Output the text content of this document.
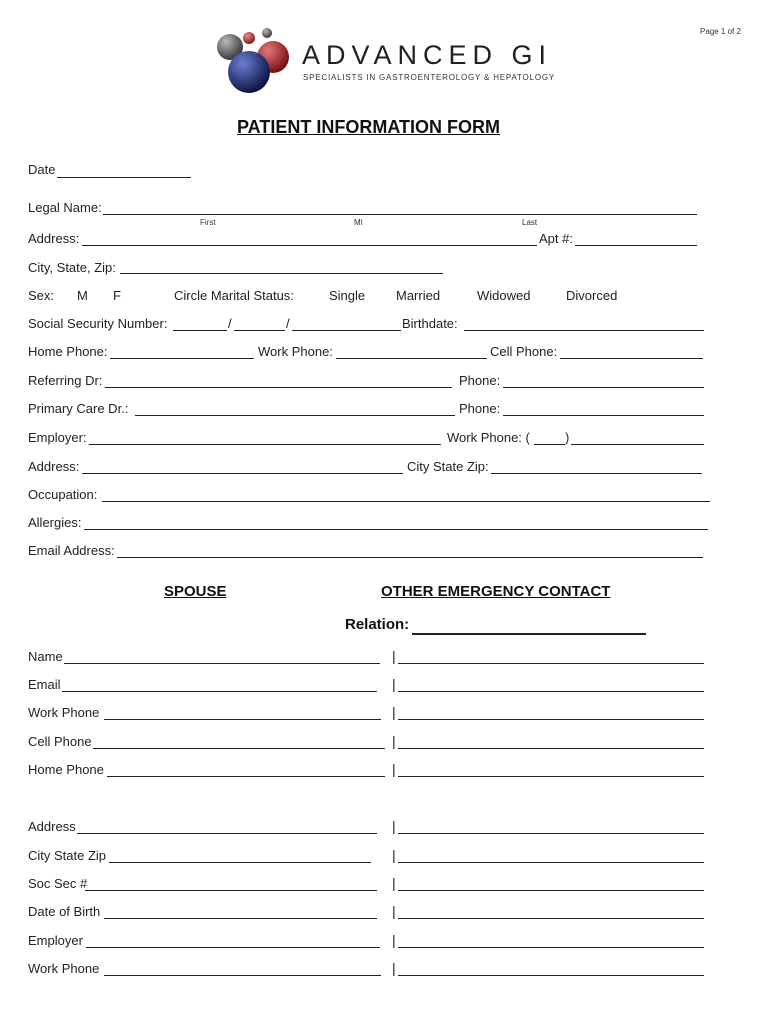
Page 1 of 2
ADVANCED GI
SPECIALISTS IN GASTROENTEROLOGY & HEPATOLOGY
PATIENT INFORMATION FORM
Date
Legal Name:
First	MI	Last
Address:	Apt #:
City, State, Zip:
Sex: M F	Circle Marital Status:	Single Married	Widowed	Divorced
Social Security Number:	/	/	Birthdate:
Home Phone:	Work Phone:	Cell Phone:
Referring Dr:	Phone:
Primary Care Dr.:	Phone:
Employer:	Work Phone: (	)
Address:	City State Zip:
Occupation:
Allergies:
Email Address:
SPOUSE	OTHER EMERGENCY CONTACT
Relation:
Name	|
Email	|
Work Phone	|
Cell Phone	|
Home Phone	|
Address	|
City State Zip	|
Soc Sec #	|
Date of Birth	|
Employer	|
Work Phone	|
